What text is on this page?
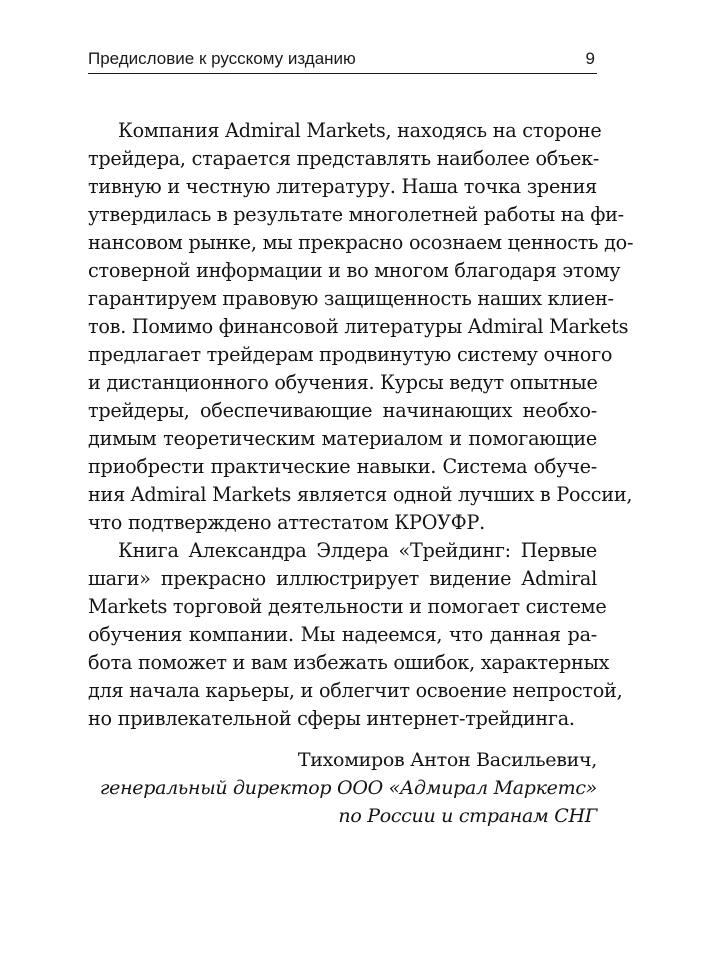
Предисловие к русскому изданию	9
Компания Admiral Markets, находясь на стороне
трейдера, старается представлять наиболее объек-
тивную и честную литературу. Наша точка зрения
утвердилась в результате многолетней работы на фи-
нансовом рынке, мы прекрасно осознаем ценность до-
стоверной информации и во многом благодаря этому
гарантируем правовую защищенность наших клиен-
тов. Помимо финансовой литературы Admiral Markets
предлагает трейдерам продвинутую систему очного
и дистанционного обучения. Курсы ведут опытные
трейдеры, обеспечивающие начинающих необхо-
димым теоретическим материалом и помогающие
приобрести практические навыки. Система обуче-
ния Admiral Markets является одной лучших в России,
что подтверждено аттестатом КРОУФР.
Книга Александра Элдера «Трейдинг: Первые
шаги» прекрасно иллюстрирует видение Admiral
Markets торговой деятельности и помогает системе
обучения компании. Мы надеемся, что данная ра-
бота поможет и вам избежать ошибок, характерных
для начала карьеры, и облегчит освоение непростой,
но привлекательной сферы интернет-трейдинга.
Тихомиров Антон Васильевич,
генеральный директор ООО «Адмирал Маркетс»
по России и странам СНГ
